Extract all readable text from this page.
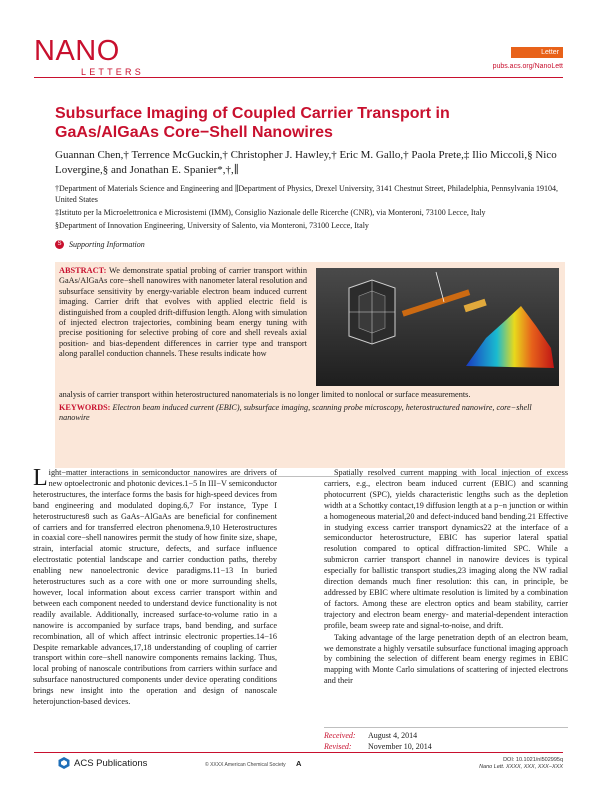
NANO
LETTERS
Letter
pubs.acs.org/NanoLett
Subsurface Imaging of Coupled Carrier Transport in GaAs/AlGaAs Core−Shell Nanowires
Guannan Chen,† Terrence McGuckin,† Christopher J. Hawley,† Eric M. Gallo,† Paola Prete,‡ Ilio Miccoli,§ Nico Lovergine,§ and Jonathan E. Spanier*,†,∥
†Department of Materials Science and Engineering and ∥Department of Physics, Drexel University, 3141 Chestnut Street, Philadelphia, Pennsylvania 19104, United States
‡Istituto per la Microelettronica e Microsistemi (IMM), Consiglio Nazionale delle Ricerche (CNR), via Monteroni, 73100 Lecce, Italy
§Department of Innovation Engineering, University of Salento, via Monteroni, 73100 Lecce, Italy
S Supporting Information
ABSTRACT: We demonstrate spatial probing of carrier transport within GaAs/AlGaAs core−shell nanowires with nanometer lateral resolution and subsurface sensitivity by energy-variable electron beam induced current imaging. Carrier drift that evolves with applied electric field is distinguished from a coupled drift-diffusion length. Along with simulation of injected electron trajectories, combining beam energy tuning with precise positioning for selective probing of core and shell reveals axial position- and bias-dependent differences in carrier type and transport along parallel conduction channels. These results indicate how
analysis of carrier transport within heterostructured nanomaterials is no longer limited to nonlocal or surface measurements.
KEYWORDS: Electron beam induced current (EBIC), subsurface imaging, scanning probe microscopy, heterostructured nanowire, core−shell nanowire

Light−matter interactions in semiconductor nanowires are drivers of new optoelectronic and photonic devices.1−5 In III−V semiconductor heterostructures, the interface forms the basis for high-speed devices from band engineering and modulated doping.6,7 For instance, Type I heterostructures8 such as GaAs−AlGaAs are beneficial for confinement of carriers and for transferred electron phenomena.9,10 Heterostructures in coaxial core−shell nanowires permit the study of how finite size, shape, strain, interfacial atomic structure, defects, and surface influence electrostatic potential landscape and carrier conduction paths, thereby enabling new nanoelectronic device paradigms.11−13 In buried heterostructures such as a core with one or more surrounding shells, however, local information about excess carrier transport within and between each component needed to understand device functionality is not readily available. Additionally, increased surface-to-volume ratio in a nanowire is accompanied by surface traps, band bending, and surface recombination, all of which affect intrinsic electronic properties.14−16 Despite remarkable advances,17,18 understanding of coupling of carrier transport within core−shell nanowire components remains lacking. Thus, local probing of nanoscale contributions from carriers within surface and subsurface nanostructured components under device operating conditions brings new insight into the operation and design of nanoscale heterojunction-based devices.

Spatially resolved current mapping with local injection of excess carriers, e.g., electron beam induced current (EBIC) and scanning photocurrent (SPC), yields characteristic lengths such as the depletion width at a Schottky contact,19 diffusion length at a p−n junction or within a homogeneous material,20 and defect-induced band bending.21 Effective in studying excess carrier transport dynamics22 at the interface of a semiconductor heterostructure, EBIC has superior lateral spatial resolution compared to optical diffraction-limited SPC. While a submicron carrier transport channel in nanowire devices is typical especially for ballistic transport studies,23 imaging along the NW radial direction demands much finer resolution: this can, in principle, be addressed by EBIC where ultimate resolution is limited by a combination of factors. Among these are electron optics and beam stability, carrier trajectory and electron beam energy- and material-dependent interaction profile, beam sweep rate and signal-to-noise, and drift.

Taking advantage of the large penetration depth of an electron beam, we demonstrate a highly versatile subsurface functional imaging approach by combining the selection of different beam energy regimes in EBIC mapping with Monte Carlo simulations of scattering of injected electrons and their

Received:	August 4, 2014
Revised:	November 10, 2014
ACS Publications	© XXXX American Chemical Society A	DOI: 10.1021/nl502995q
Nano Lett. XXXX, XXX, XXX−XXX
